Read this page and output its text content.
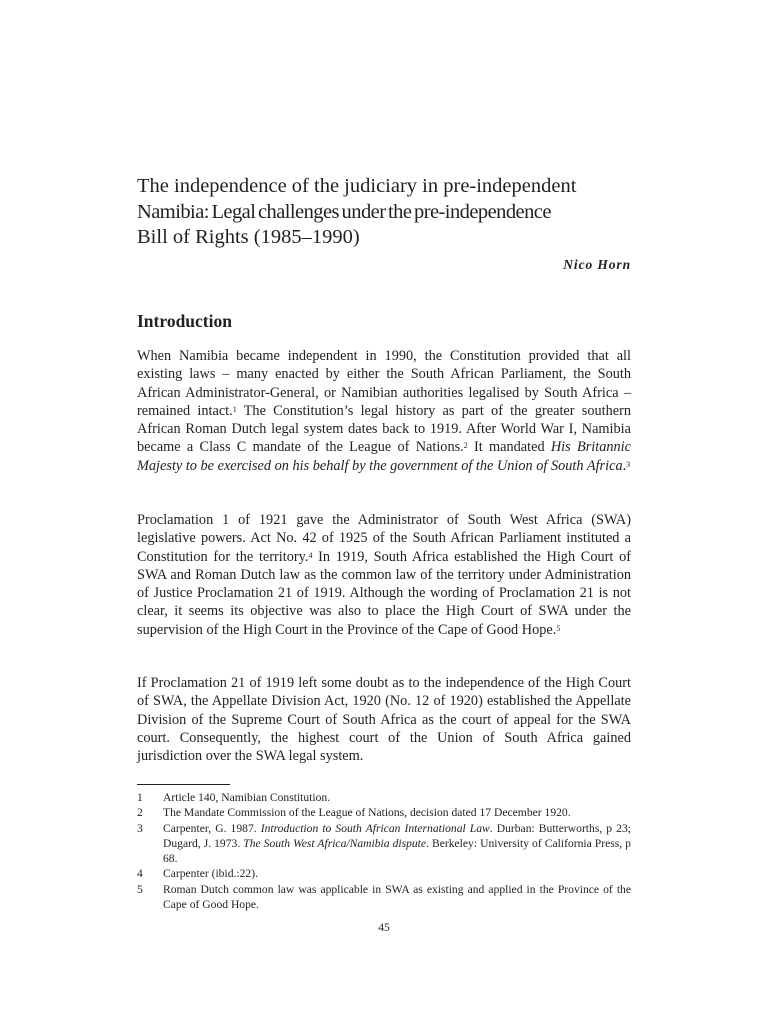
The independence of the judiciary in pre-independent
Namibia: Legal challenges under the pre-independence
Bill of Rights (1985–1990)
Nico Horn
Introduction

When Namibia became independent in 1990, the Constitution provided that all existing laws – many enacted by either the South African Parliament, the South African Administrator-General, or Namibian authorities legalised by South Africa – remained intact.$^1$ The Constitution’s legal history as part of the greater southern African Roman Dutch legal system dates back to 1919. After World War I, Namibia became a Class C mandate of the League of Nations.$^2$ It mandated His Britannic Majesty to be exercised on his behalf by the government of the Union of South Africa.$^3$

Proclamation 1 of 1921 gave the Administrator of South West Africa (SWA) legislative powers. Act No. 42 of 1925 of the South African Parliament instituted a Constitution for the territory.$^4$ In 1919, South Africa established the High Court of SWA and Roman Dutch law as the common law of the territory under Administration of Justice Proclamation 21 of 1919. Although the wording of Proclamation 21 is not clear, it seems its objective was also to place the High Court of SWA under the supervision of the High Court in the Province of the Cape of Good Hope.$^5$

If Proclamation 21 of 1919 left some doubt as to the independence of the High Court of SWA, the Appellate Division Act, 1920 (No. 12 of 1920) established the Appellate Division of the Supreme Court of South Africa as the court of appeal for the SWA court. Consequently, the highest court of the Union of South Africa gained jurisdiction over the SWA legal system.

1	Article 140, Namibian Constitution.
2	The Mandate Commission of the League of Nations, decision dated 17 December 1920.
3	Carpenter, G. 1987. Introduction to South African International Law. Durban: Butterworths, p 23; Dugard, J. 1973. The South West Africa/Namibia dispute. Berkeley: University of California Press, p 68.
4	Carpenter (ibid.:22).
5	Roman Dutch common law was applicable in SWA as existing and applied in the Province of the Cape of Good Hope.
45
